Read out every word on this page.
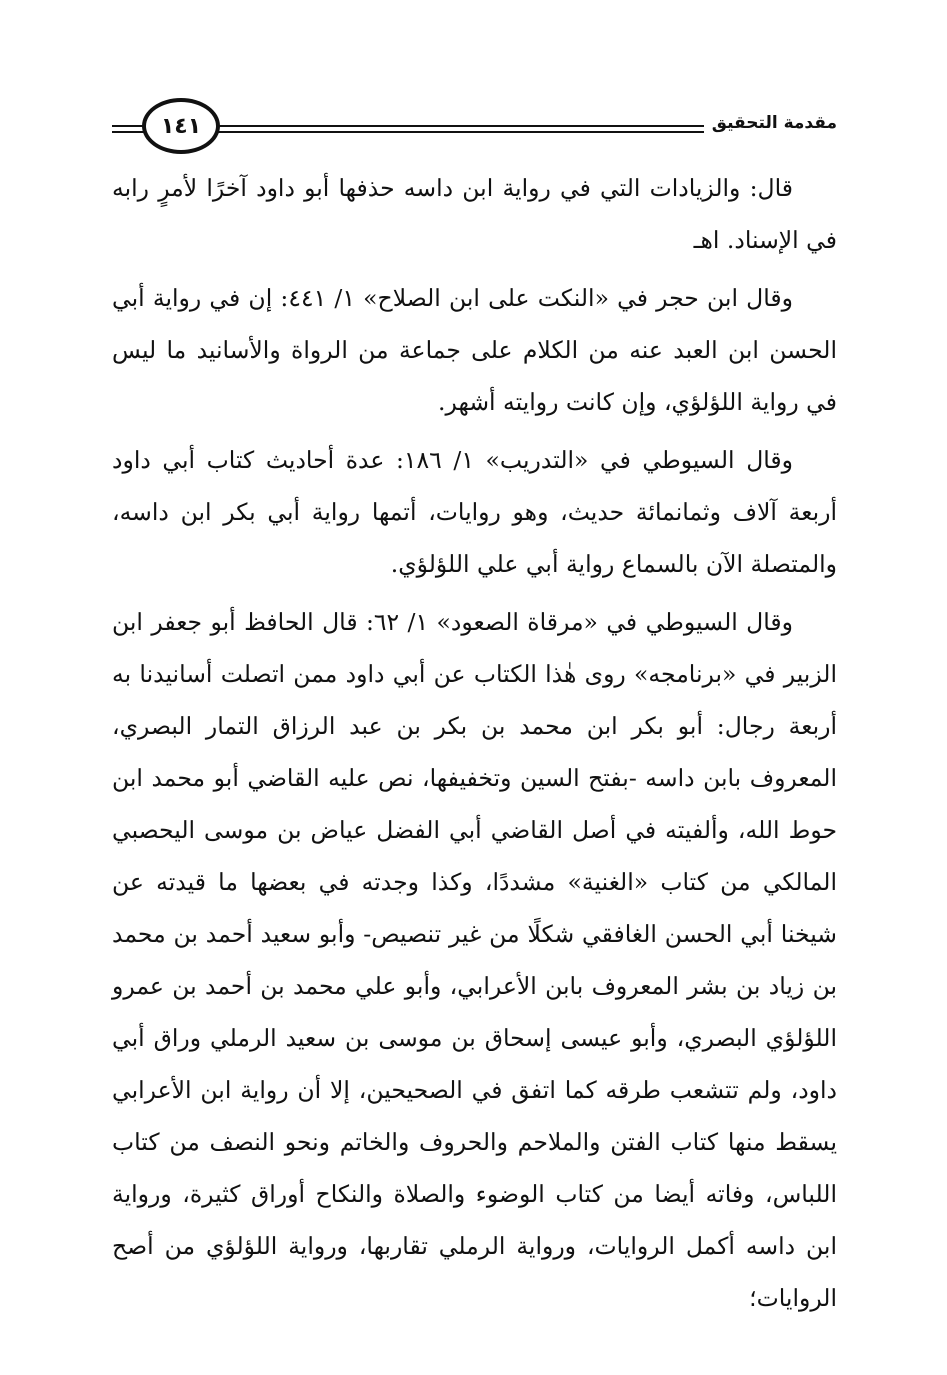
مقدمة التحقيق
١٤١

قال: والزيادات التي في رواية ابن داسه حذفها أبو داود آخرًا لأمرٍ رابه في الإسناد. اهـ

وقال ابن حجر في «النكت على ابن الصلاح» ١/ ٤٤١: إن في رواية أبي الحسن ابن العبد عنه من الكلام على جماعة من الرواة والأسانيد ما ليس في رواية اللؤلؤي، وإن كانت روايته أشهر.

وقال السيوطي في «التدريب» ١/ ١٨٦: عدة أحاديث كتاب أبي داود أربعة آلاف وثمانمائة حديث، وهو روايات، أتمها رواية أبي بكر ابن داسه، والمتصلة الآن بالسماع رواية أبي علي اللؤلؤي.

وقال السيوطي في «مرقاة الصعود» ١/ ٦٢: قال الحافظ أبو جعفر ابن الزبير في «برنامجه» روى هٰذا الكتاب عن أبي داود ممن اتصلت أسانيدنا به أربعة رجال: أبو بكر ابن محمد بن بكر بن عبد الرزاق التمار البصري، المعروف بابن داسه -بفتح السين وتخفيفها، نص عليه القاضي أبو محمد ابن حوط الله، وألفيته في أصل القاضي أبي الفضل عياض بن موسى اليحصبي المالكي من كتاب «الغنية» مشددًا، وكذا وجدته في بعضها ما قيدته عن شيخنا أبي الحسن الغافقي شكلًا من غير تنصيص- وأبو سعيد أحمد بن محمد بن زياد بن بشر المعروف بابن الأعرابي، وأبو علي محمد بن أحمد بن عمرو اللؤلؤي البصري، وأبو عيسى إسحاق بن موسى بن سعيد الرملي وراق أبي داود، ولم تتشعب طرقه كما اتفق في الصحيحين، إلا أن رواية ابن الأعرابي يسقط منها كتاب الفتن والملاحم والحروف والخاتم ونحو النصف من كتاب اللباس، وفاته أيضا من كتاب الوضوء والصلاة والنكاح أوراق كثيرة، ورواية ابن داسه أكمل الروايات، ورواية الرملي تقاربها، ورواية اللؤلؤي من أصح الروايات؛
